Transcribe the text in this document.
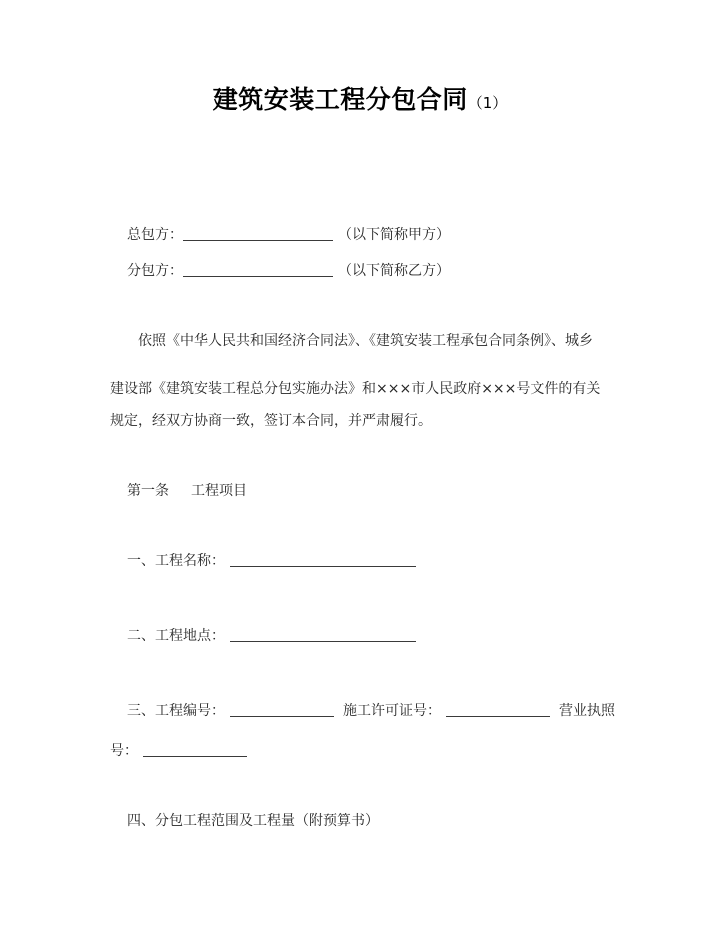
建筑安装工程分包合同（1）
总包方：	（以下简称甲方）
分包方：	（以下简称乙方）
依照《中华人民共和国经济合同法》、《建筑安装工程承包合同条例》、城乡
建设部《建筑安装工程总分包实施办法》和×××市人民政府×××号文件的有关
规定，经双方协商一致，签订本合同，并严肃履行。
第一条 工程项目
一、工程名称：
二、工程地点：
三、工程编号：	施工许可证号：	营业执照
号：
四、分包工程范围及工程量（附预算书）
